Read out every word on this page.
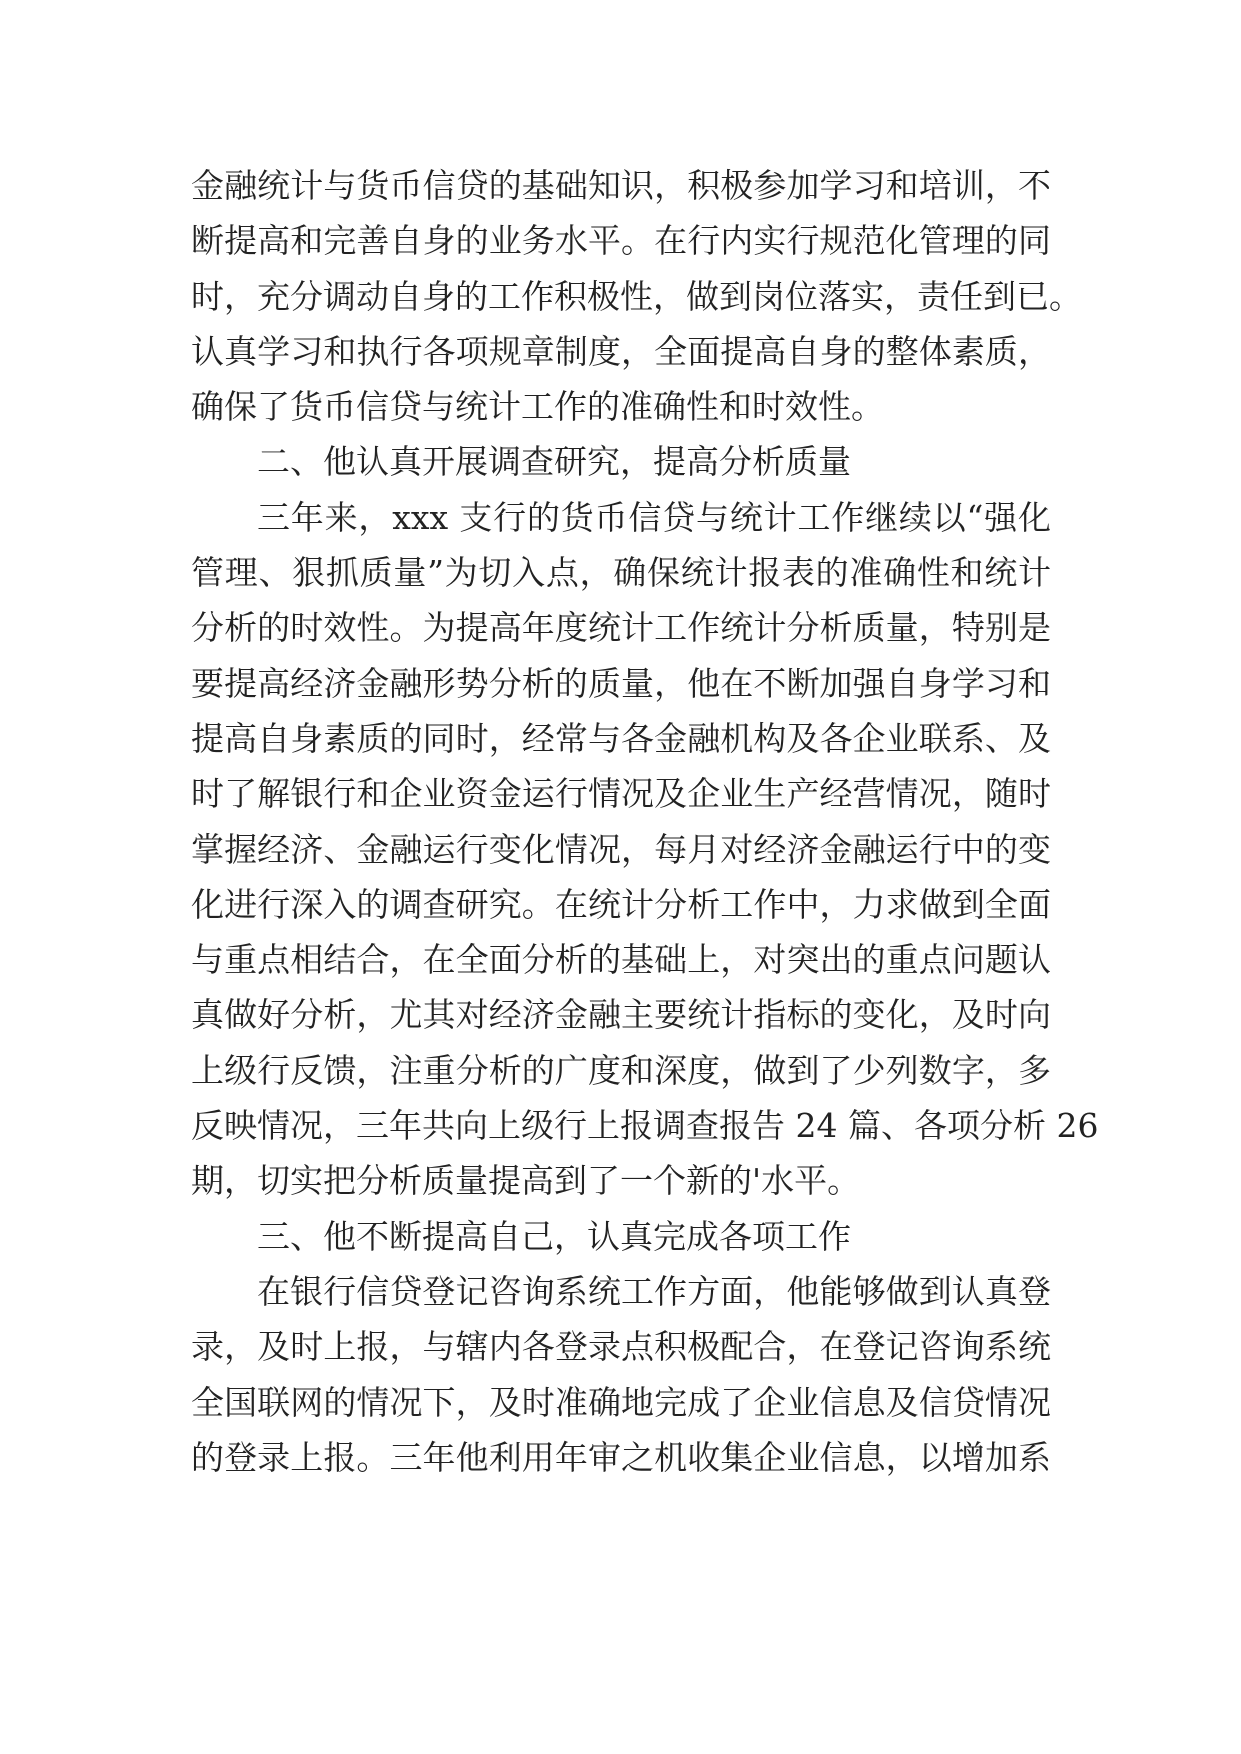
金融统计与货币信贷的基础知识，积极参加学习和培训，不
断提高和完善自身的业务水平。在行内实行规范化管理的同
时，充分调动自身的工作积极性，做到岗位落实，责任到已。
认真学习和执行各项规章制度，全面提高自身的整体素质，
确保了货币信贷与统计工作的准确性和时效性。
二、他认真开展调查研究，提高分析质量
三年来，xxx 支行的货币信贷与统计工作继续以“强化
管理、狠抓质量”为切入点，确保统计报表的准确性和统计
分析的时效性。为提高年度统计工作统计分析质量，特别是
要提高经济金融形势分析的质量，他在不断加强自身学习和
提高自身素质的同时，经常与各金融机构及各企业联系、及
时了解银行和企业资金运行情况及企业生产经营情况，随时
掌握经济、金融运行变化情况，每月对经济金融运行中的变
化进行深入的调查研究。在统计分析工作中，力求做到全面
与重点相结合，在全面分析的基础上，对突出的重点问题认
真做好分析，尤其对经济金融主要统计指标的变化，及时向
上级行反馈，注重分析的广度和深度，做到了少列数字，多
反映情况，三年共向上级行上报调查报告 24 篇、各项分析 26
期，切实把分析质量提高到了一个新的'水平。
三、他不断提高自己，认真完成各项工作
在银行信贷登记咨询系统工作方面，他能够做到认真登
录，及时上报，与辖内各登录点积极配合，在登记咨询系统
全国联网的情况下，及时准确地完成了企业信息及信贷情况
的登录上报。三年他利用年审之机收集企业信息，以增加系
